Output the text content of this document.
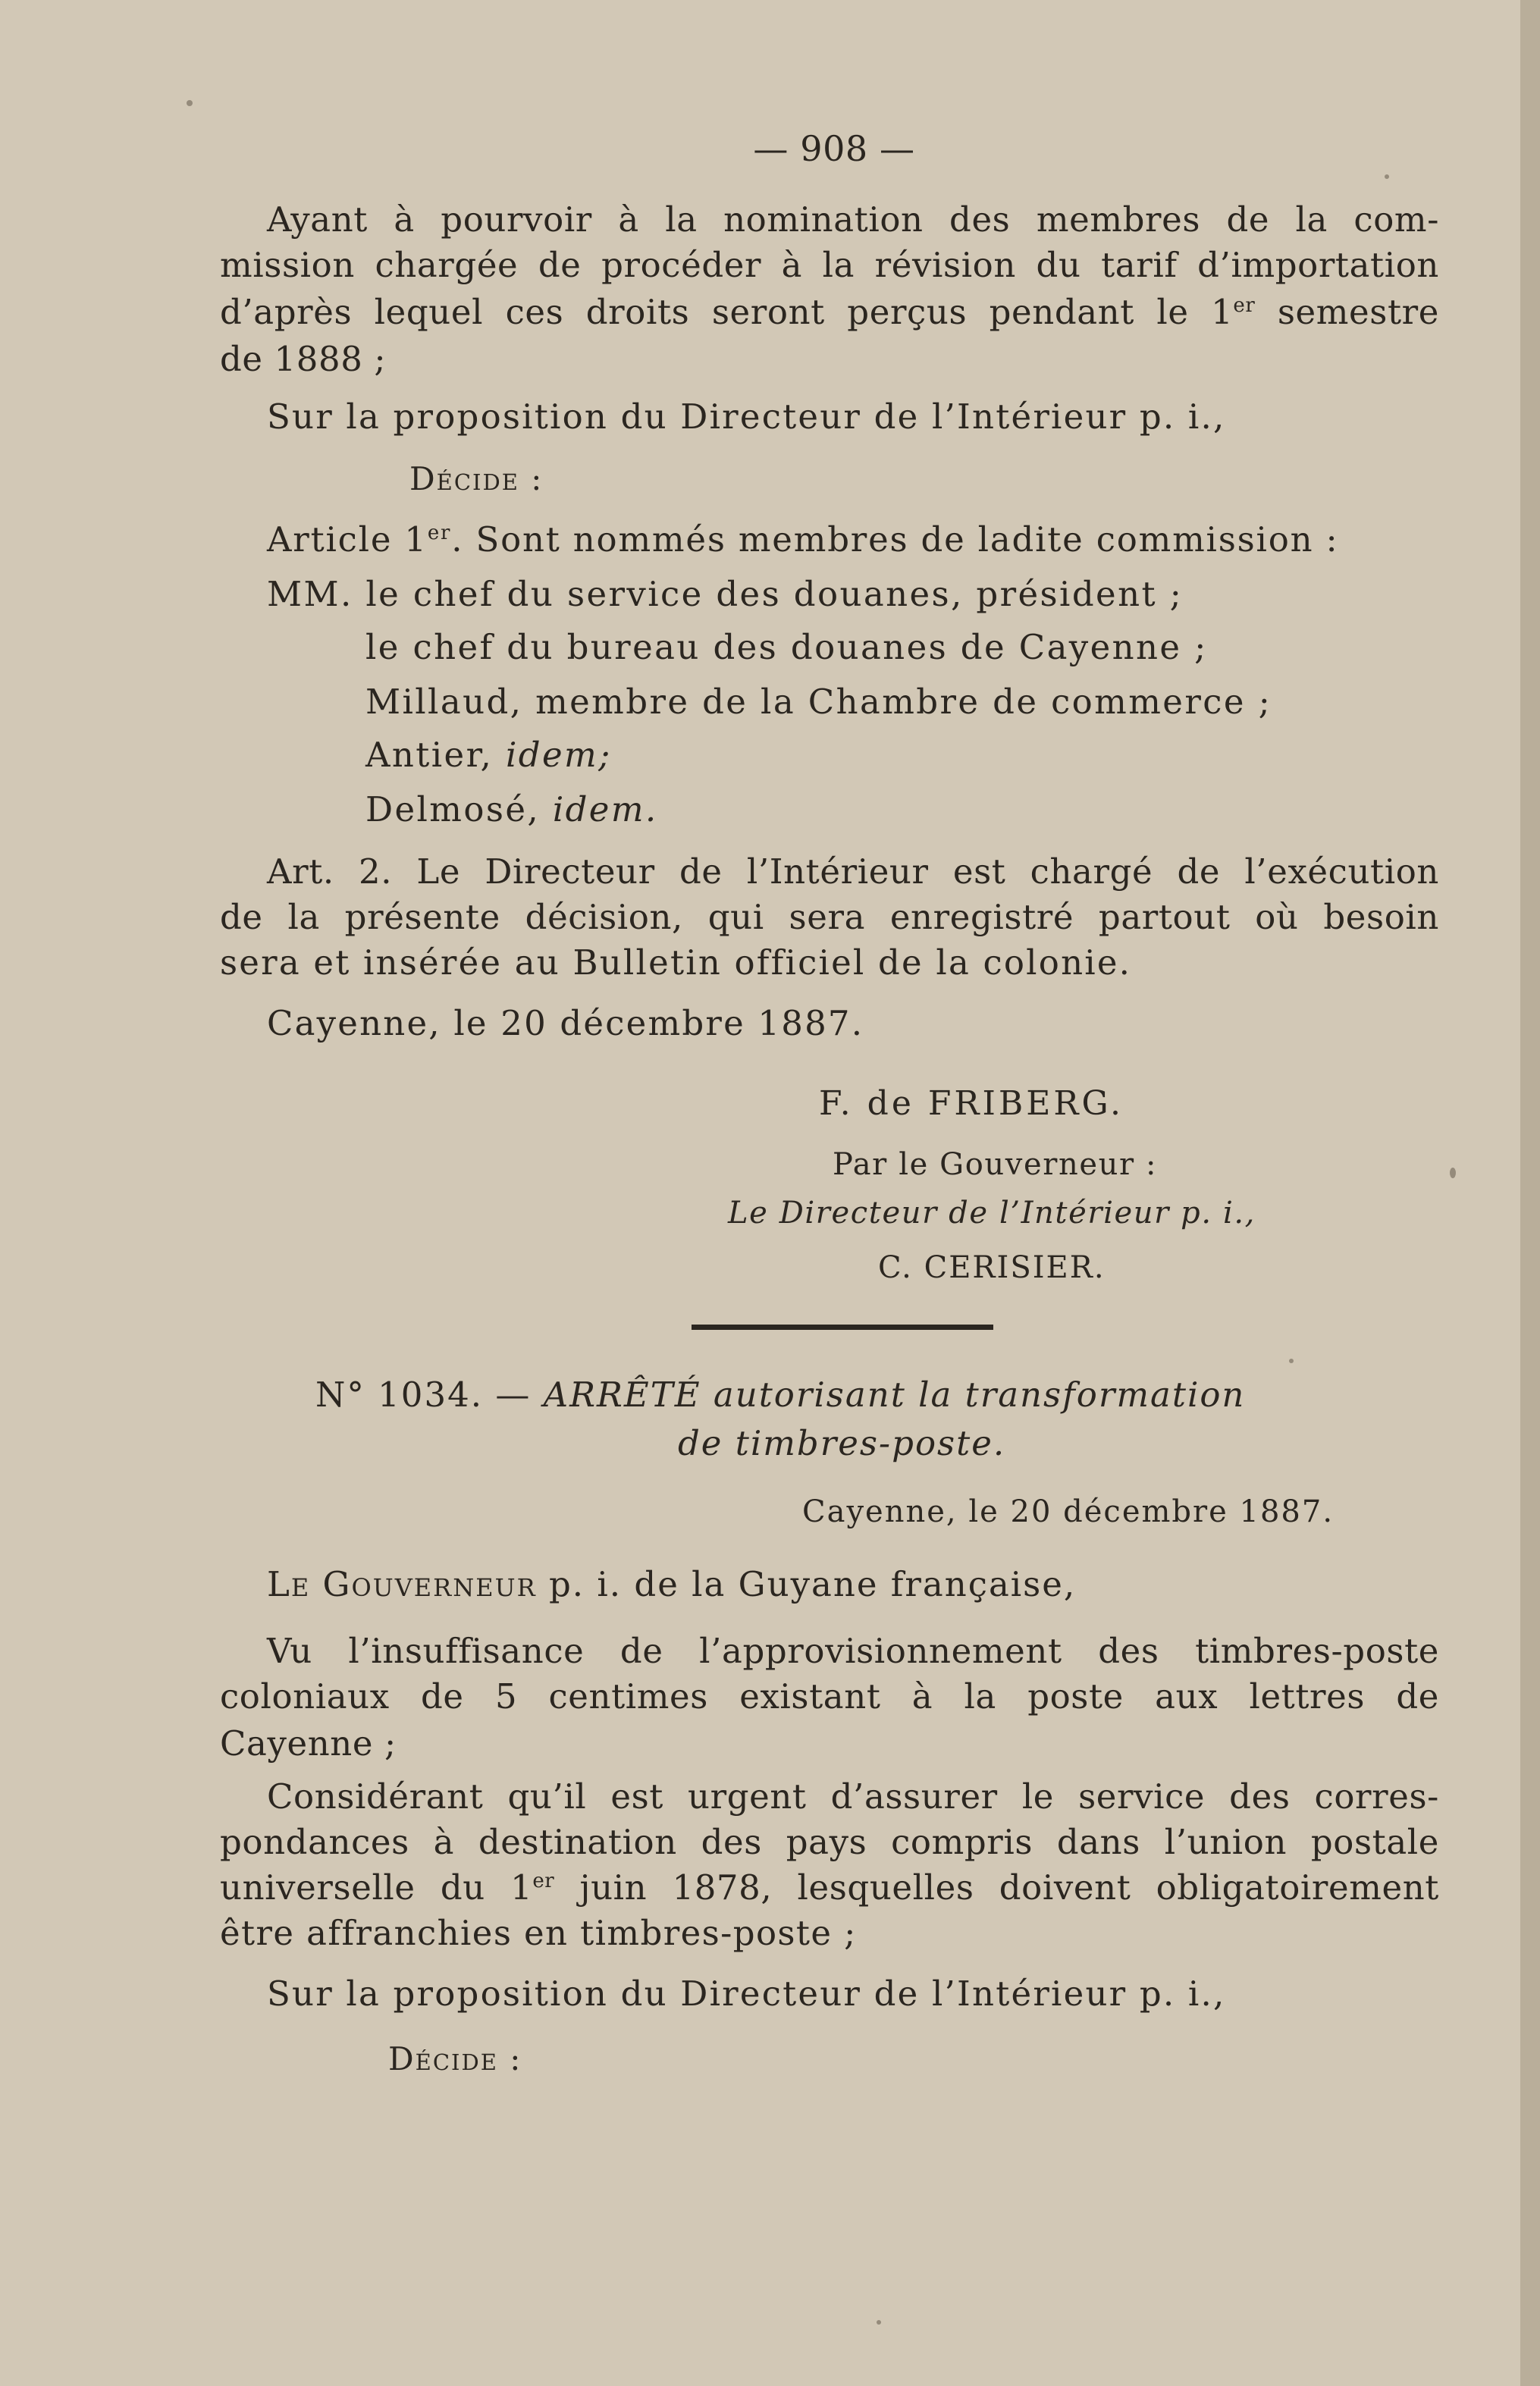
— 908 —
Ayant à pourvoir à la nomination des membres de la com-
mission chargée de procéder à la révision du tarif d’importation
d’après lequel ces droits seront perçus pendant le 1er semestre
de 1888 ;
Sur la proposition du Directeur de l’Intérieur p. i.,
Décide :
Article 1er. Sont nommés membres de ladite commission :
MM. le chef du service des douanes, président ;
le chef du bureau des douanes de Cayenne ;
Millaud, membre de la Chambre de commerce ;
Antier, idem;
Delmosé, idem.
Art. 2. Le Directeur de l’Intérieur est chargé de l’exécution
de la présente décision, qui sera enregistré partout où besoin
sera et insérée au Bulletin officiel de la colonie.
Cayenne, le 20 décembre 1887.
F. de FRIBERG.
Par le Gouverneur :
Le Directeur de l’Intérieur p. i.,
C. CERISIER.
N° 1034. — ARRÊTÉ autorisant la transformation
de timbres-poste.
Cayenne, le 20 décembre 1887.
Le Gouverneur p. i. de la Guyane française,
Vu l’insuffisance de l’approvisionnement des timbres-poste
coloniaux de 5 centimes existant à la poste aux lettres de
Cayenne ;
Considérant qu’il est urgent d’assurer le service des corres-
pondances à destination des pays compris dans l’union postale
universelle du 1er juin 1878, lesquelles doivent obligatoirement
être affranchies en timbres-poste ;
Sur la proposition du Directeur de l’Intérieur p. i.,
Décide :
